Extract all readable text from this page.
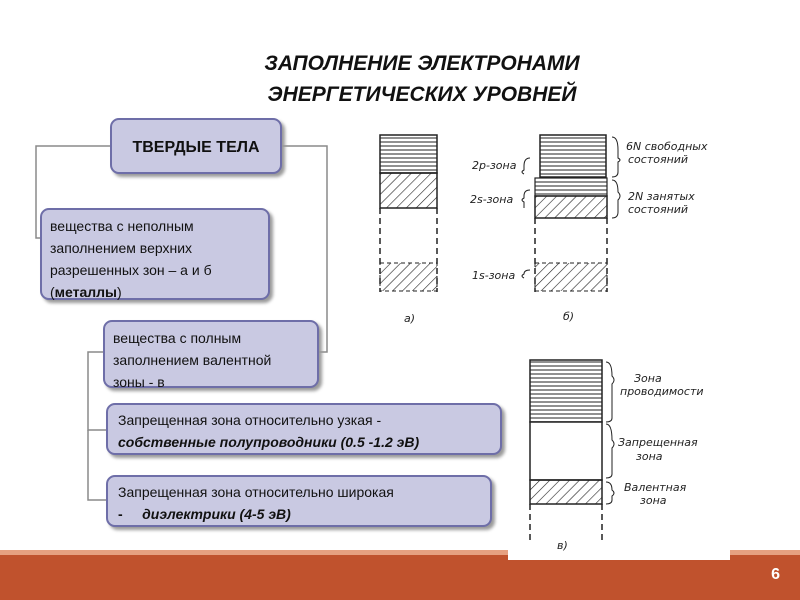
ЗАПОЛНЕНИЕ ЭЛЕКТРОНАМИ
ЭНЕРГЕТИЧЕСКИХ УРОВНЕЙ
ТВЕРДЫЕ ТЕЛА
вещества с неполным
заполнением верхних
разрешенных зон – а и б
(металлы)
вещества с полным
заполнением валентной
зоны - в
Запрещенная зона относительно узкая -
собственные полупроводники (0.5 -1.2 эВ)
Запрещенная зона относительно широкая
- диэлектрики (4-5 эВ)
а)
2p-зона
2s-зона
1s-зона
6N свободных
состояний
2N занятых
состояний
б)
Зона
проводимости
Запрещенная
зона
Валентная
зона
в)
6
